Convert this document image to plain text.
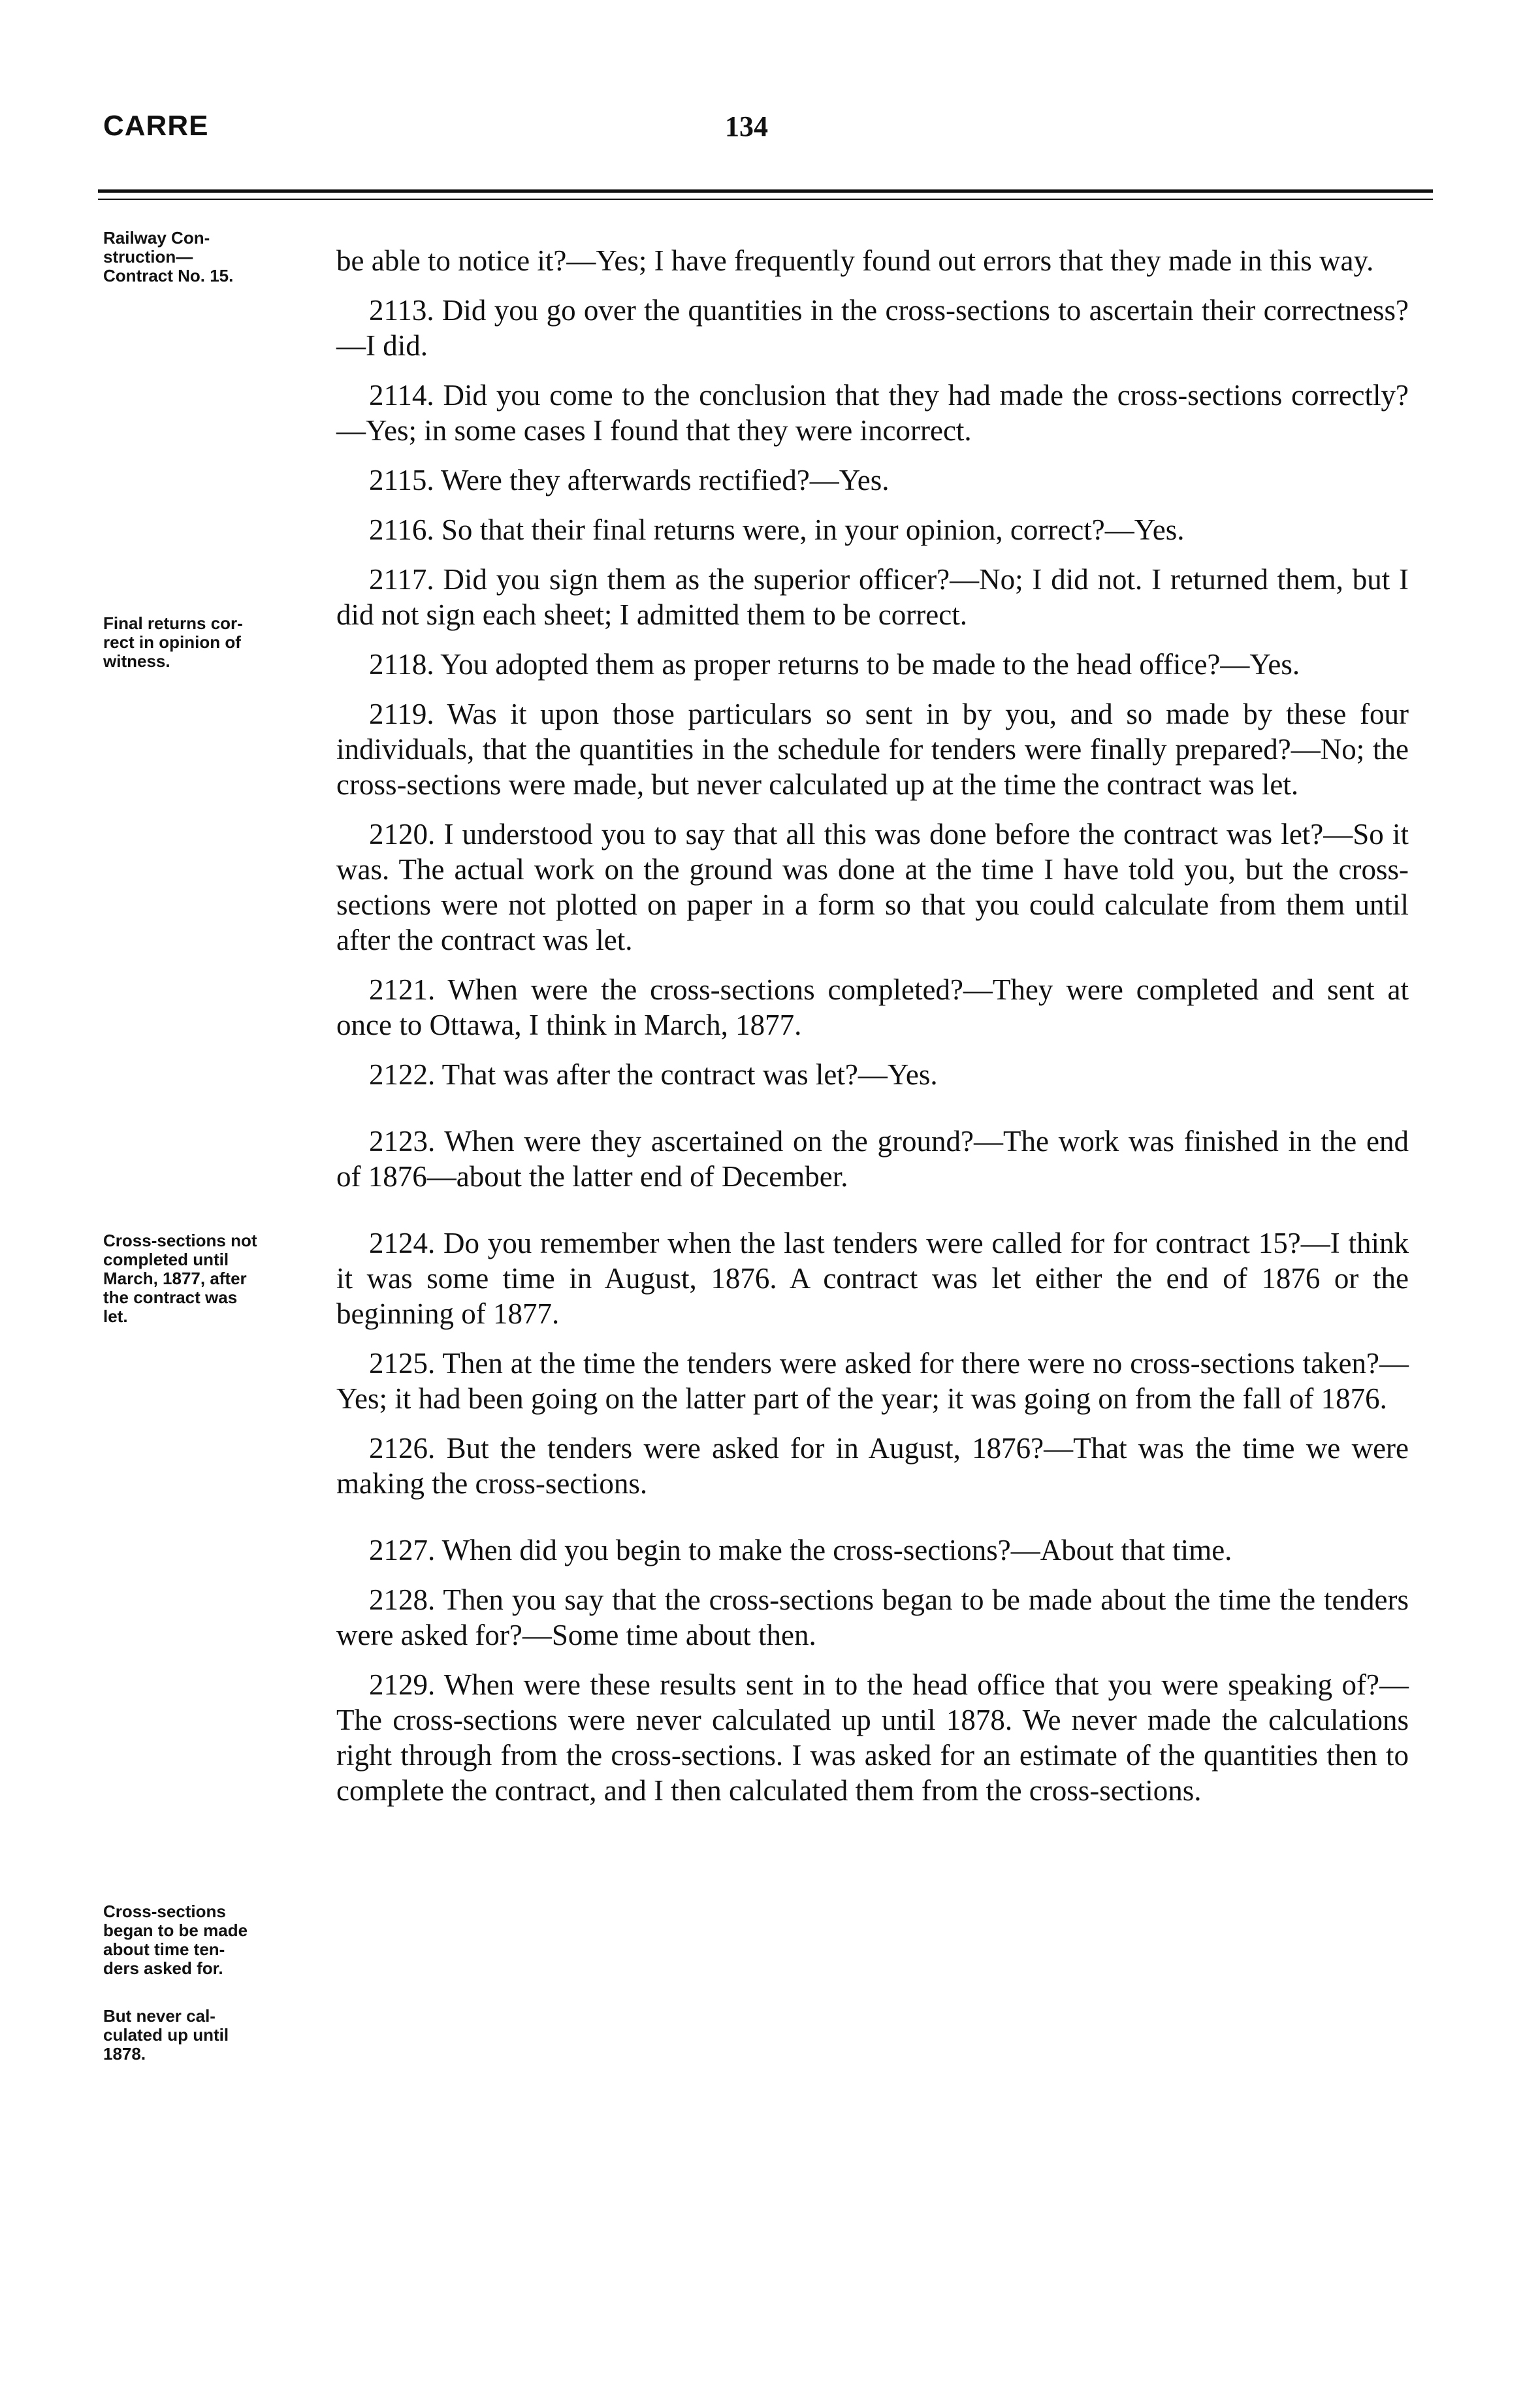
CARRE	134
Railway Con-
struction—
Contract No. 15.
Final returns cor-
rect in opinion of
witness.
Cross-sections not
completed until
March, 1877, after
the contract was
let.
Cross-sections
began to be made
about time ten-
ders asked for.
But never cal-
culated up until
1878.

be able to notice it?—Yes; I have frequently found out errors that they made in this way.

2113. Did you go over the quantities in the cross-sections to ascertain their correctness?—I did.

2114. Did you come to the conclusion that they had made the cross-sections correctly?—Yes; in some cases I found that they were incorrect.

2115. Were they afterwards rectified?—Yes.

2116. So that their final returns were, in your opinion, correct?—Yes.

2117. Did you sign them as the superior officer?—No; I did not. I returned them, but I did not sign each sheet; I admitted them to be correct.

2118. You adopted them as proper returns to be made to the head office?—Yes.

2119. Was it upon those particulars so sent in by you, and so made by these four individuals, that the quantities in the schedule for tenders were finally prepared?—No; the cross-sections were made, but never calculated up at the time the contract was let.

2120. I understood you to say that all this was done before the contract was let?—So it was. The actual work on the ground was done at the time I have told you, but the cross-sections were not plotted on paper in a form so that you could calculate from them until after the contract was let.

2121. When were the cross-sections completed?—They were completed and sent at once to Ottawa, I think in March, 1877.

2122. That was after the contract was let?—Yes.

2123. When were they ascertained on the ground?—The work was finished in the end of 1876—about the latter end of December.

2124. Do you remember when the last tenders were called for for contract 15?—I think it was some time in August, 1876. A contract was let either the end of 1876 or the beginning of 1877.

2125. Then at the time the tenders were asked for there were no cross-sections taken?—Yes; it had been going on the latter part of the year; it was going on from the fall of 1876.

2126. But the tenders were asked for in August, 1876?—That was the time we were making the cross-sections.

2127. When did you begin to make the cross-sections?—About that time.

2128. Then you say that the cross-sections began to be made about the time the tenders were asked for?—Some time about then.

2129. When were these results sent in to the head office that you were speaking of?—The cross-sections were never calculated up until 1878. We never made the calculations right through from the cross-sections. I was asked for an estimate of the quantities then to complete the contract, and I then calculated them from the cross-sections.
